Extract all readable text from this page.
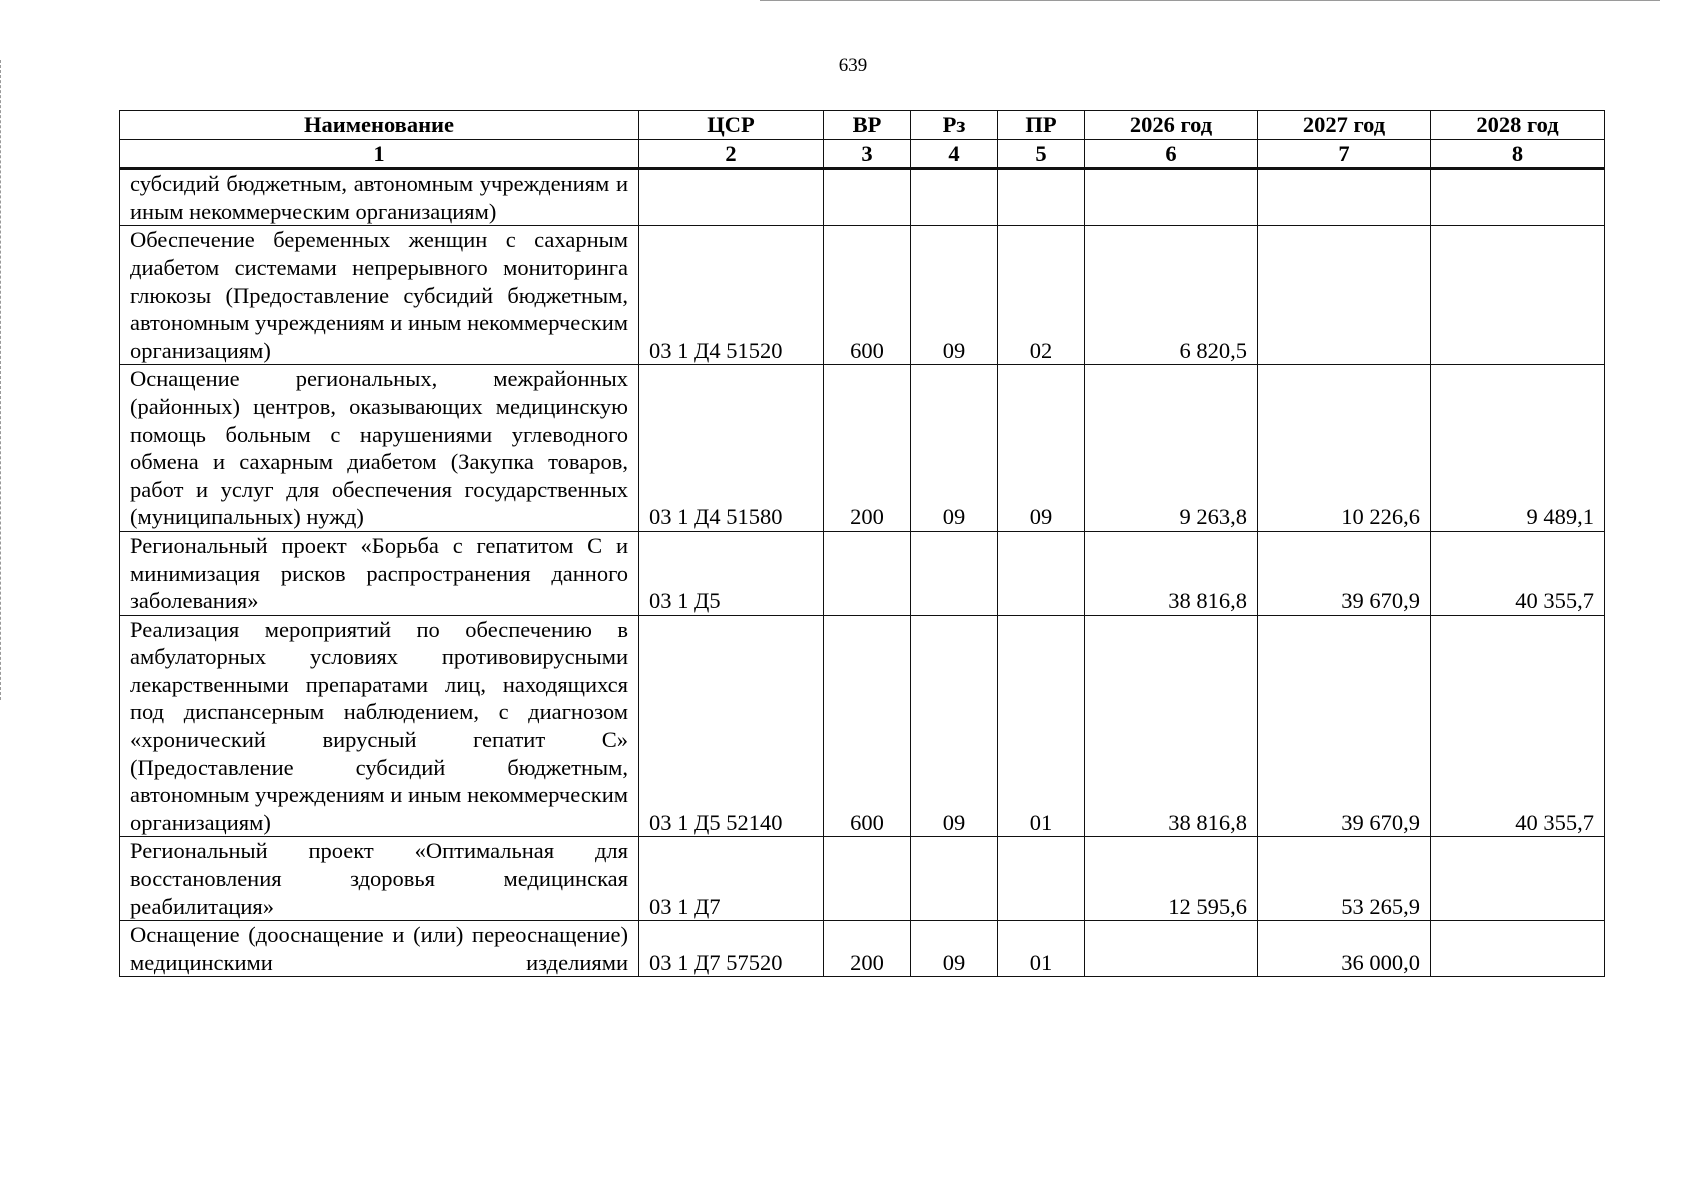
639
Наименование	ЦСР	ВР	Рз	ПР	2026 год	2027 год	2028 год
1	2	3	4	5	6	7	8
субсидий бюджетным, автономным учреждениям и иным некоммерческим организациям)							
Обеспечение беременных женщин с сахарным диабетом системами непрерывного мониторинга глюкозы (Предоставление субсидий бюджетным, автономным учреждениям и иным некоммерческим организациям)	03 1 Д4 51520	600	09	02	6 820,5		
Оснащение региональных, межрайонных (районных) центров, оказывающих медицинскую помощь больным с нарушениями углеводного обмена и сахарным диабетом (Закупка товаров, работ и услуг для обеспечения государственных (муниципальных) нужд)	03 1 Д4 51580	200	09	09	9 263,8	10 226,6	9 489,1
Региональный проект «Борьба с гепатитом С и минимизация рисков распространения данного заболевания»	03 1 Д5				38 816,8	39 670,9	40 355,7
Реализация мероприятий по обеспечению в амбулаторных условиях противовирусными лекарственными препаратами лиц, находящихся под диспансерным наблюдением, с диагнозом «хронический вирусный гепатит С» (Предоставление субсидий бюджетным, автономным учреждениям и иным некоммерческим организациям)	03 1 Д5 52140	600	09	01	38 816,8	39 670,9	40 355,7
Региональный проект «Оптимальная для восстановления здоровья медицинская реабилитация»	03 1 Д7				12 595,6	53 265,9	
Оснащение (дооснащение и (или) переоснащение) медицинскими изделиями	03 1 Д7 57520	200	09	01		36 000,0	
